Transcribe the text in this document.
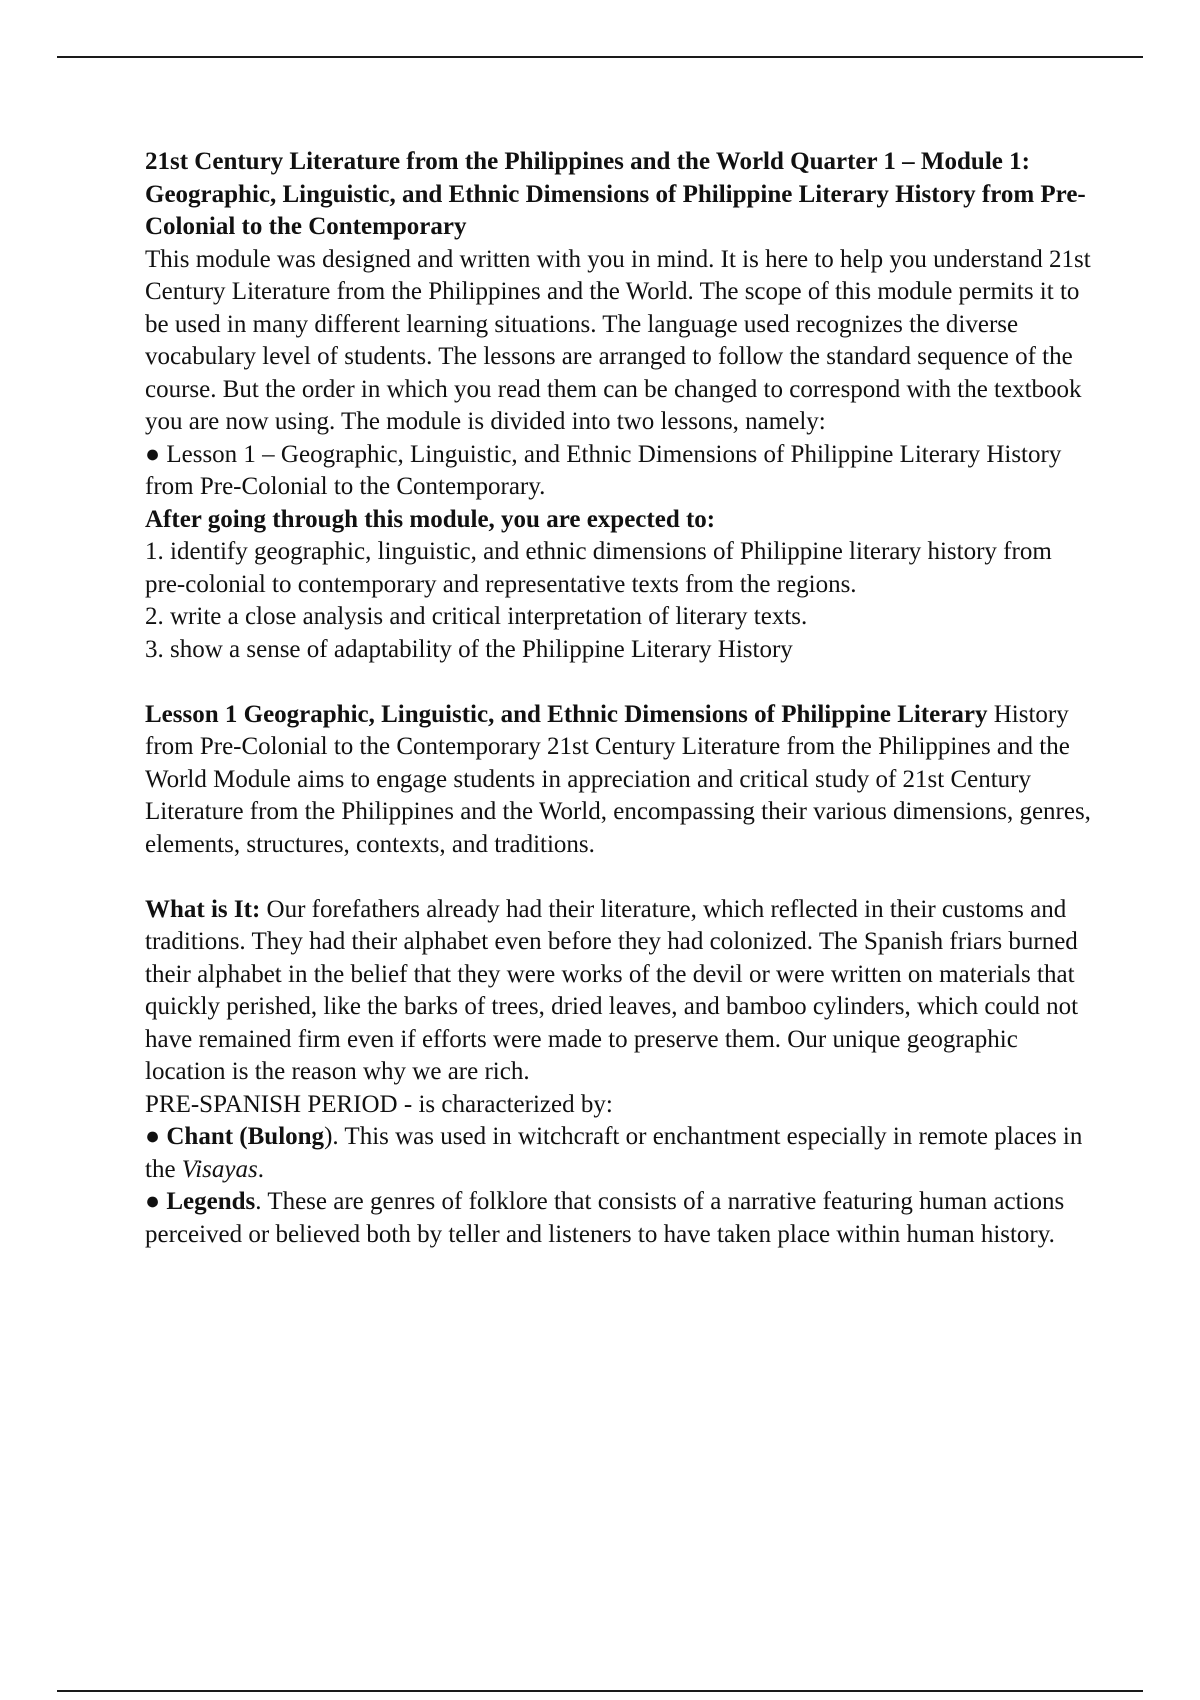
21st Century Literature from the Philippines and the World Quarter 1 – Module 1: Geographic, Linguistic, and Ethnic Dimensions of Philippine Literary History from Pre-Colonial to the Contemporary

This module was designed and written with you in mind. It is here to help you understand 21st Century Literature from the Philippines and the World. The scope of this module permits it to be used in many different learning situations. The language used recognizes the diverse vocabulary level of students. The lessons are arranged to follow the standard sequence of the course. But the order in which you read them can be changed to correspond with the textbook you are now using. The module is divided into two lessons, namely:

● Lesson 1 – Geographic, Linguistic, and Ethnic Dimensions of Philippine Literary History from Pre-Colonial to the Contemporary.

After going through this module, you are expected to:

1. identify geographic, linguistic, and ethnic dimensions of Philippine literary history from pre-colonial to contemporary and representative texts from the regions.

2. write a close analysis and critical interpretation of literary texts.

3. show a sense of adaptability of the Philippine Literary History

Lesson 1 Geographic, Linguistic, and Ethnic Dimensions of Philippine Literary History from Pre-Colonial to the Contemporary 21st Century Literature from the Philippines and the World Module aims to engage students in appreciation and critical study of 21st Century Literature from the Philippines and the World, encompassing their various dimensions, genres, elements, structures, contexts, and traditions.

What is It: Our forefathers already had their literature, which reflected in their customs and traditions. They had their alphabet even before they had colonized. The Spanish friars burned their alphabet in the belief that they were works of the devil or were written on materials that quickly perished, like the barks of trees, dried leaves, and bamboo cylinders, which could not have remained firm even if efforts were made to preserve them. Our unique geographic location is the reason why we are rich.

PRE-SPANISH PERIOD - is characterized by:

● Chant (Bulong). This was used in witchcraft or enchantment especially in remote places in the Visayas.

● Legends. These are genres of folklore that consists of a narrative featuring human actions perceived or believed both by teller and listeners to have taken place within human history.
